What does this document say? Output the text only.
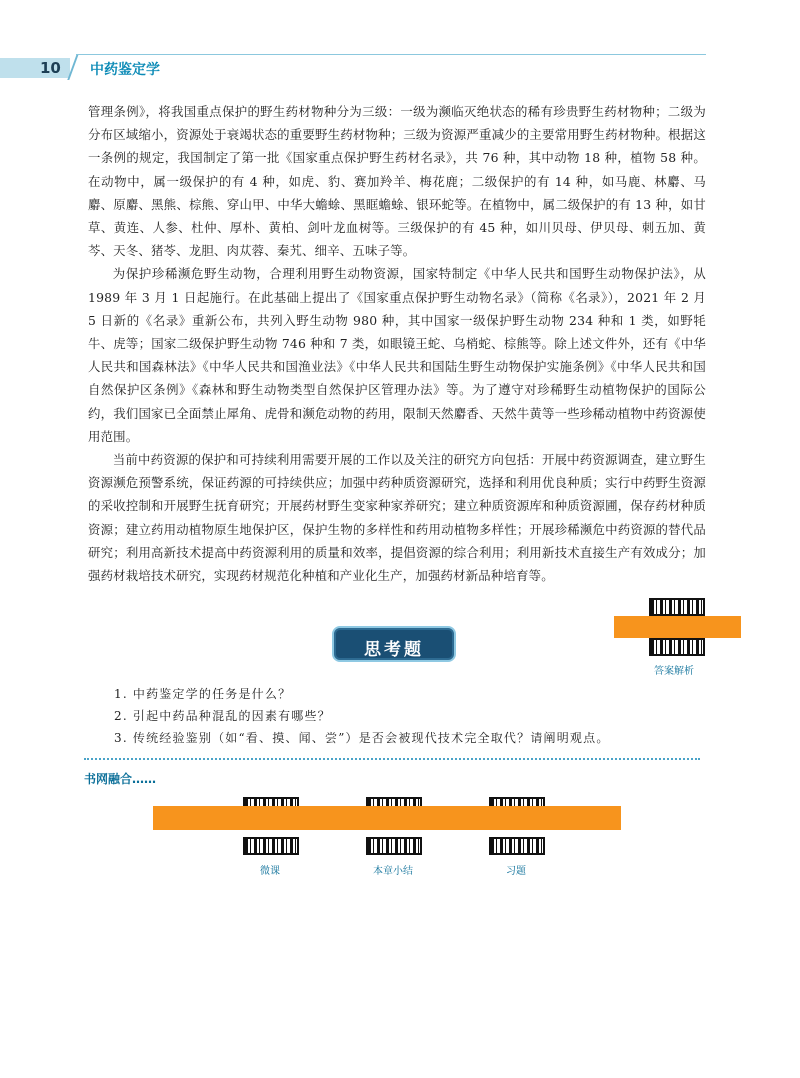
10 中药鉴定学

管理条例》，将我国重点保护的野生药材物种分为三级：一级为濒临灭绝状态的稀有珍贵野生药材物种；二级为分布区域缩小，资源处于衰竭状态的重要野生药材物种；三级为资源严重减少的主要常用野生药材物种。根据这一条例的规定，我国制定了第一批《国家重点保护野生药材名录》，共 76 种，其中动物 18 种，植物 58 种。在动物中，属一级保护的有 4 种，如虎、豹、赛加羚羊、梅花鹿；二级保护的有 14 种，如马鹿、林麝、马麝、原麝、黑熊、棕熊、穿山甲、中华大蟾蜍、黑眶蟾蜍、银环蛇等。在植物中，属二级保护的有 13 种，如甘草、黄连、人参、杜仲、厚朴、黄柏、剑叶龙血树等。三级保护的有 45 种，如川贝母、伊贝母、刺五加、黄芩、天冬、猪苓、龙胆、肉苁蓉、秦艽、细辛、五味子等。

为保护珍稀濒危野生动物，合理利用野生动物资源，国家特制定《中华人民共和国野生动物保护法》，从 1989 年 3 月 1 日起施行。在此基础上提出了《国家重点保护野生动物名录》（简称《名录》），2021 年 2 月 5 日新的《名录》重新公布，共列入野生动物 980 种，其中国家一级保护野生动物 234 种和 1 类，如野牦牛、虎等；国家二级保护野生动物 746 种和 7 类，如眼镜王蛇、乌梢蛇、棕熊等。除上述文件外，还有《中华人民共和国森林法》《中华人民共和国渔业法》《中华人民共和国陆生野生动物保护实施条例》《中华人民共和国自然保护区条例》《森林和野生动物类型自然保护区管理办法》等。为了遵守对珍稀野生动植物保护的国际公约，我们国家已全面禁止犀角、虎骨和濒危动物的药用，限制天然麝香、天然牛黄等一些珍稀动植物中药资源使用范围。

当前中药资源的保护和可持续利用需要开展的工作以及关注的研究方向包括：开展中药资源调查，建立野生资源濒危预警系统，保证药源的可持续供应；加强中药种质资源研究，选择和利用优良种质；实行中药野生资源的采收控制和开展野生抚育研究；开展药材野生变家种家养研究；建立种质资源库和种质资源圃，保存药材种质资源；建立药用动植物原生地保护区，保护生物的多样性和药用动植物多样性；开展珍稀濒危中药资源的替代品研究；利用高新技术提高中药资源利用的质量和效率，提倡资源的综合利用；利用新技术直接生产有效成分；加强药材栽培技术研究，实现药材规范化种植和产业化生产，加强药材新品种培育等。

答案解析
思考题
1. 中药鉴定学的任务是什么？
2. 引起中药品种混乱的因素有哪些？
3. 传统经验鉴别（如“看、摸、闻、尝”）是否会被现代技术完全取代？请阐明观点。
书网融合……
微课	本章小结	习题
